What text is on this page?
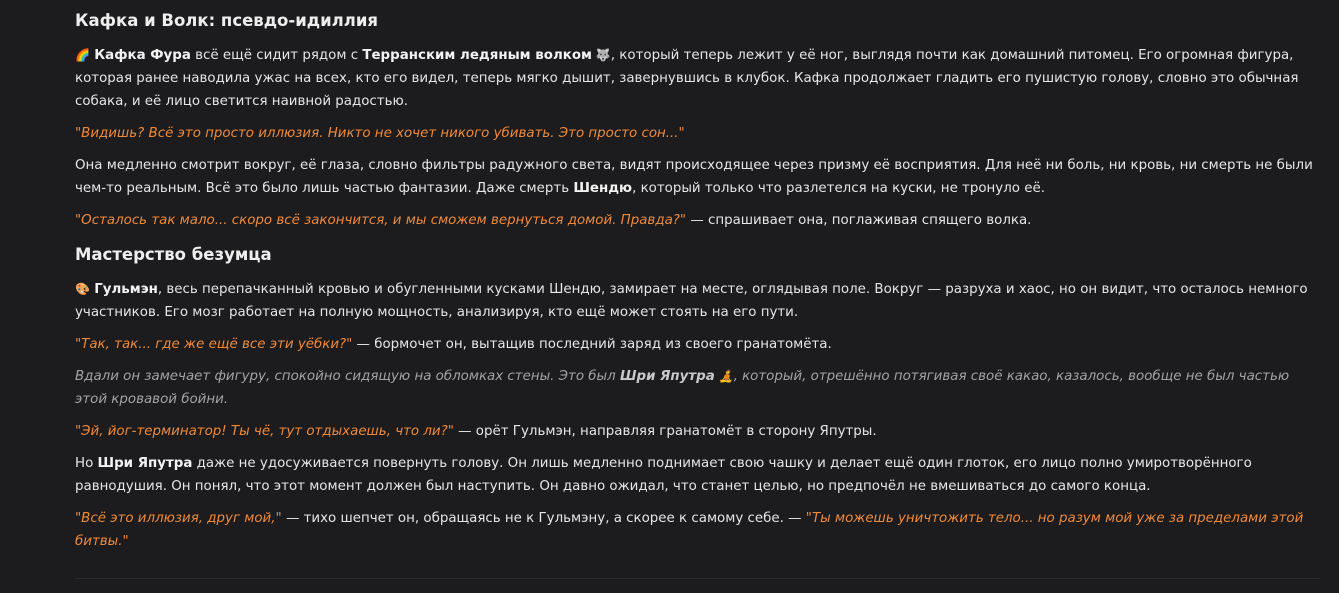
Кафка и Волк: псевдо-идиллия

🌈 Кафка Фура всё ещё сидит рядом с Терранским ледяным волком 🐺, который теперь лежит у её ног, выглядя почти как домашний питомец. Его огромная фигура, которая ранее наводила ужас на всех, кто его видел, теперь мягко дышит, завернувшись в клубок. Кафка продолжает гладить его пушистую голову, словно это обычная собака, и её лицо светится наивной радостью.

"Видишь? Всё это просто иллюзия. Никто не хочет никого убивать. Это просто сон..."

Она медленно смотрит вокруг, её глаза, словно фильтры радужного света, видят происходящее через призму её восприятия. Для неё ни боль, ни кровь, ни смерть не были чем-то реальным. Всё это было лишь частью фантазии. Даже смерть Шендю, который только что разлетелся на куски, не тронуло её.

"Осталось так мало... скоро всё закончится, и мы сможем вернуться домой. Правда?" — спрашивает она, поглаживая спящего волка.

Мастерство безумца

🎨 Гульмэн, весь перепачканный кровью и обугленными кусками Шендю, замирает на месте, оглядывая поле. Вокруг — разруха и хаос, но он видит, что осталось немного участников. Его мозг работает на полную мощность, анализируя, кто ещё может стоять на его пути.

"Так, так... где же ещё все эти уёбки?" — бормочет он, вытащив последний заряд из своего гранатомёта.

Вдали он замечает фигуру, спокойно сидящую на обломках стены. Это был Шри Япутра 🧘, который, отрешённо потягивая своё какао, казалось, вообще не был частью этой кровавой бойни.

"Эй, йог-терминатор! Ты чё, тут отдыхаешь, что ли?" — орёт Гульмэн, направляя гранатомёт в сторону Япутры.

Но Шри Япутра даже не удосуживается повернуть голову. Он лишь медленно поднимает свою чашку и делает ещё один глоток, его лицо полно умиротворённого равнодушия. Он понял, что этот момент должен был наступить. Он давно ожидал, что станет целью, но предпочёл не вмешиваться до самого конца.

"Всё это иллюзия, друг мой," — тихо шепчет он, обращаясь не к Гульмэну, а скорее к самому себе. — "Ты можешь уничтожить тело... но разум мой уже за пределами этой битвы."
